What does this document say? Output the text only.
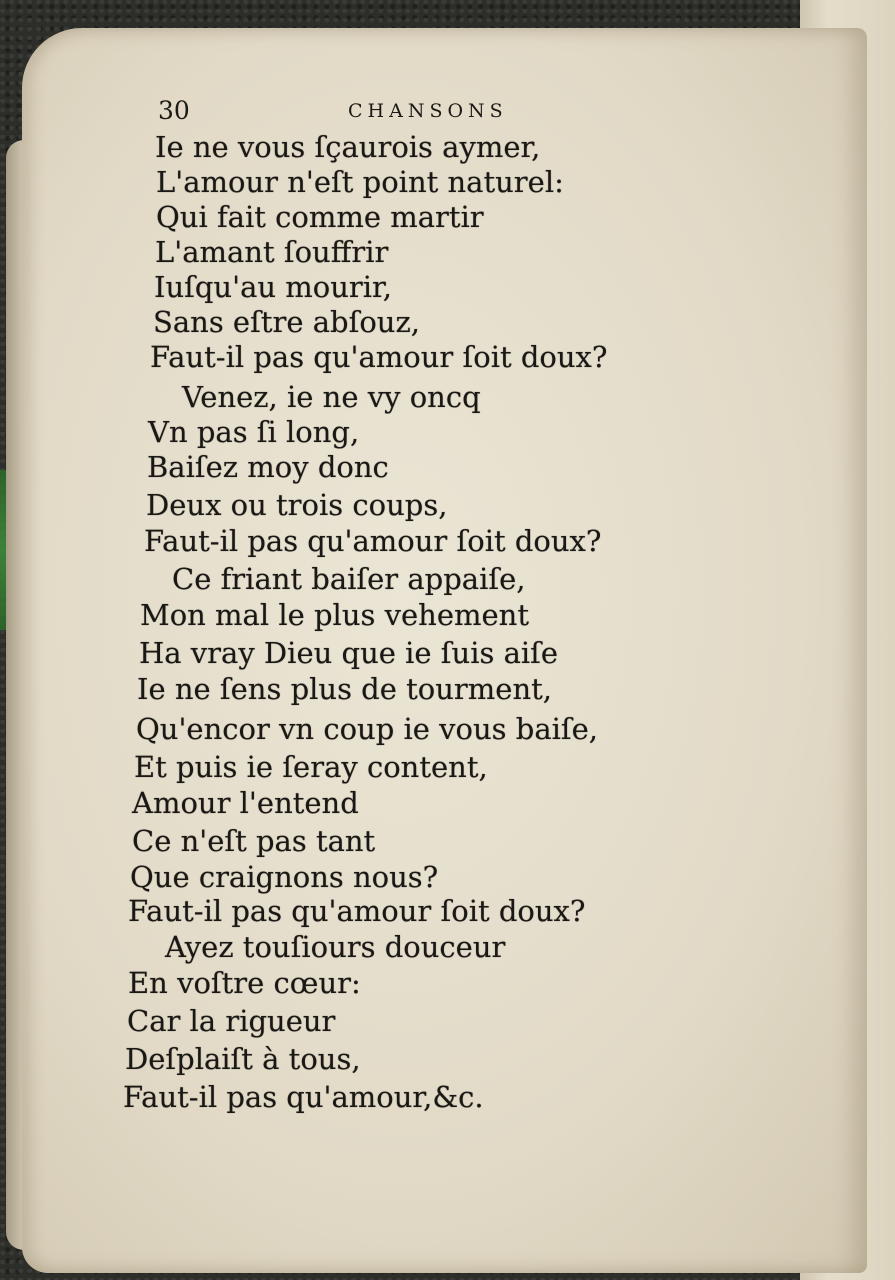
30	CHANSONS
Ie ne vous ſçaurois aymer,
L'amour n'eſt point naturel:
Qui fait comme martir
L'amant ſouffrir
Iuſqu'au mourir,
Sans eſtre abſouz,
Faut-il pas qu'amour ſoit doux?
Venez, ie ne vy oncq
Vn pas ſi long,
Baiſez moy donc
Deux ou trois coups,
Faut-il pas qu'amour ſoit doux?
Ce friant baiſer appaiſe,
Mon mal le plus vehement
Ha vray Dieu que ie ſuis aiſe
Ie ne ſens plus de tourment,
Qu'encor vn coup ie vous baiſe,
Et puis ie ſeray content,
Amour l'entend
Ce n'eſt pas tant
Que craignons nous?
Faut-il pas qu'amour ſoit doux?
Ayez touſiours douceur
En voſtre cœur:
Car la rigueur
Deſplaiſt à tous,
Faut-il pas qu'amour,&c.
